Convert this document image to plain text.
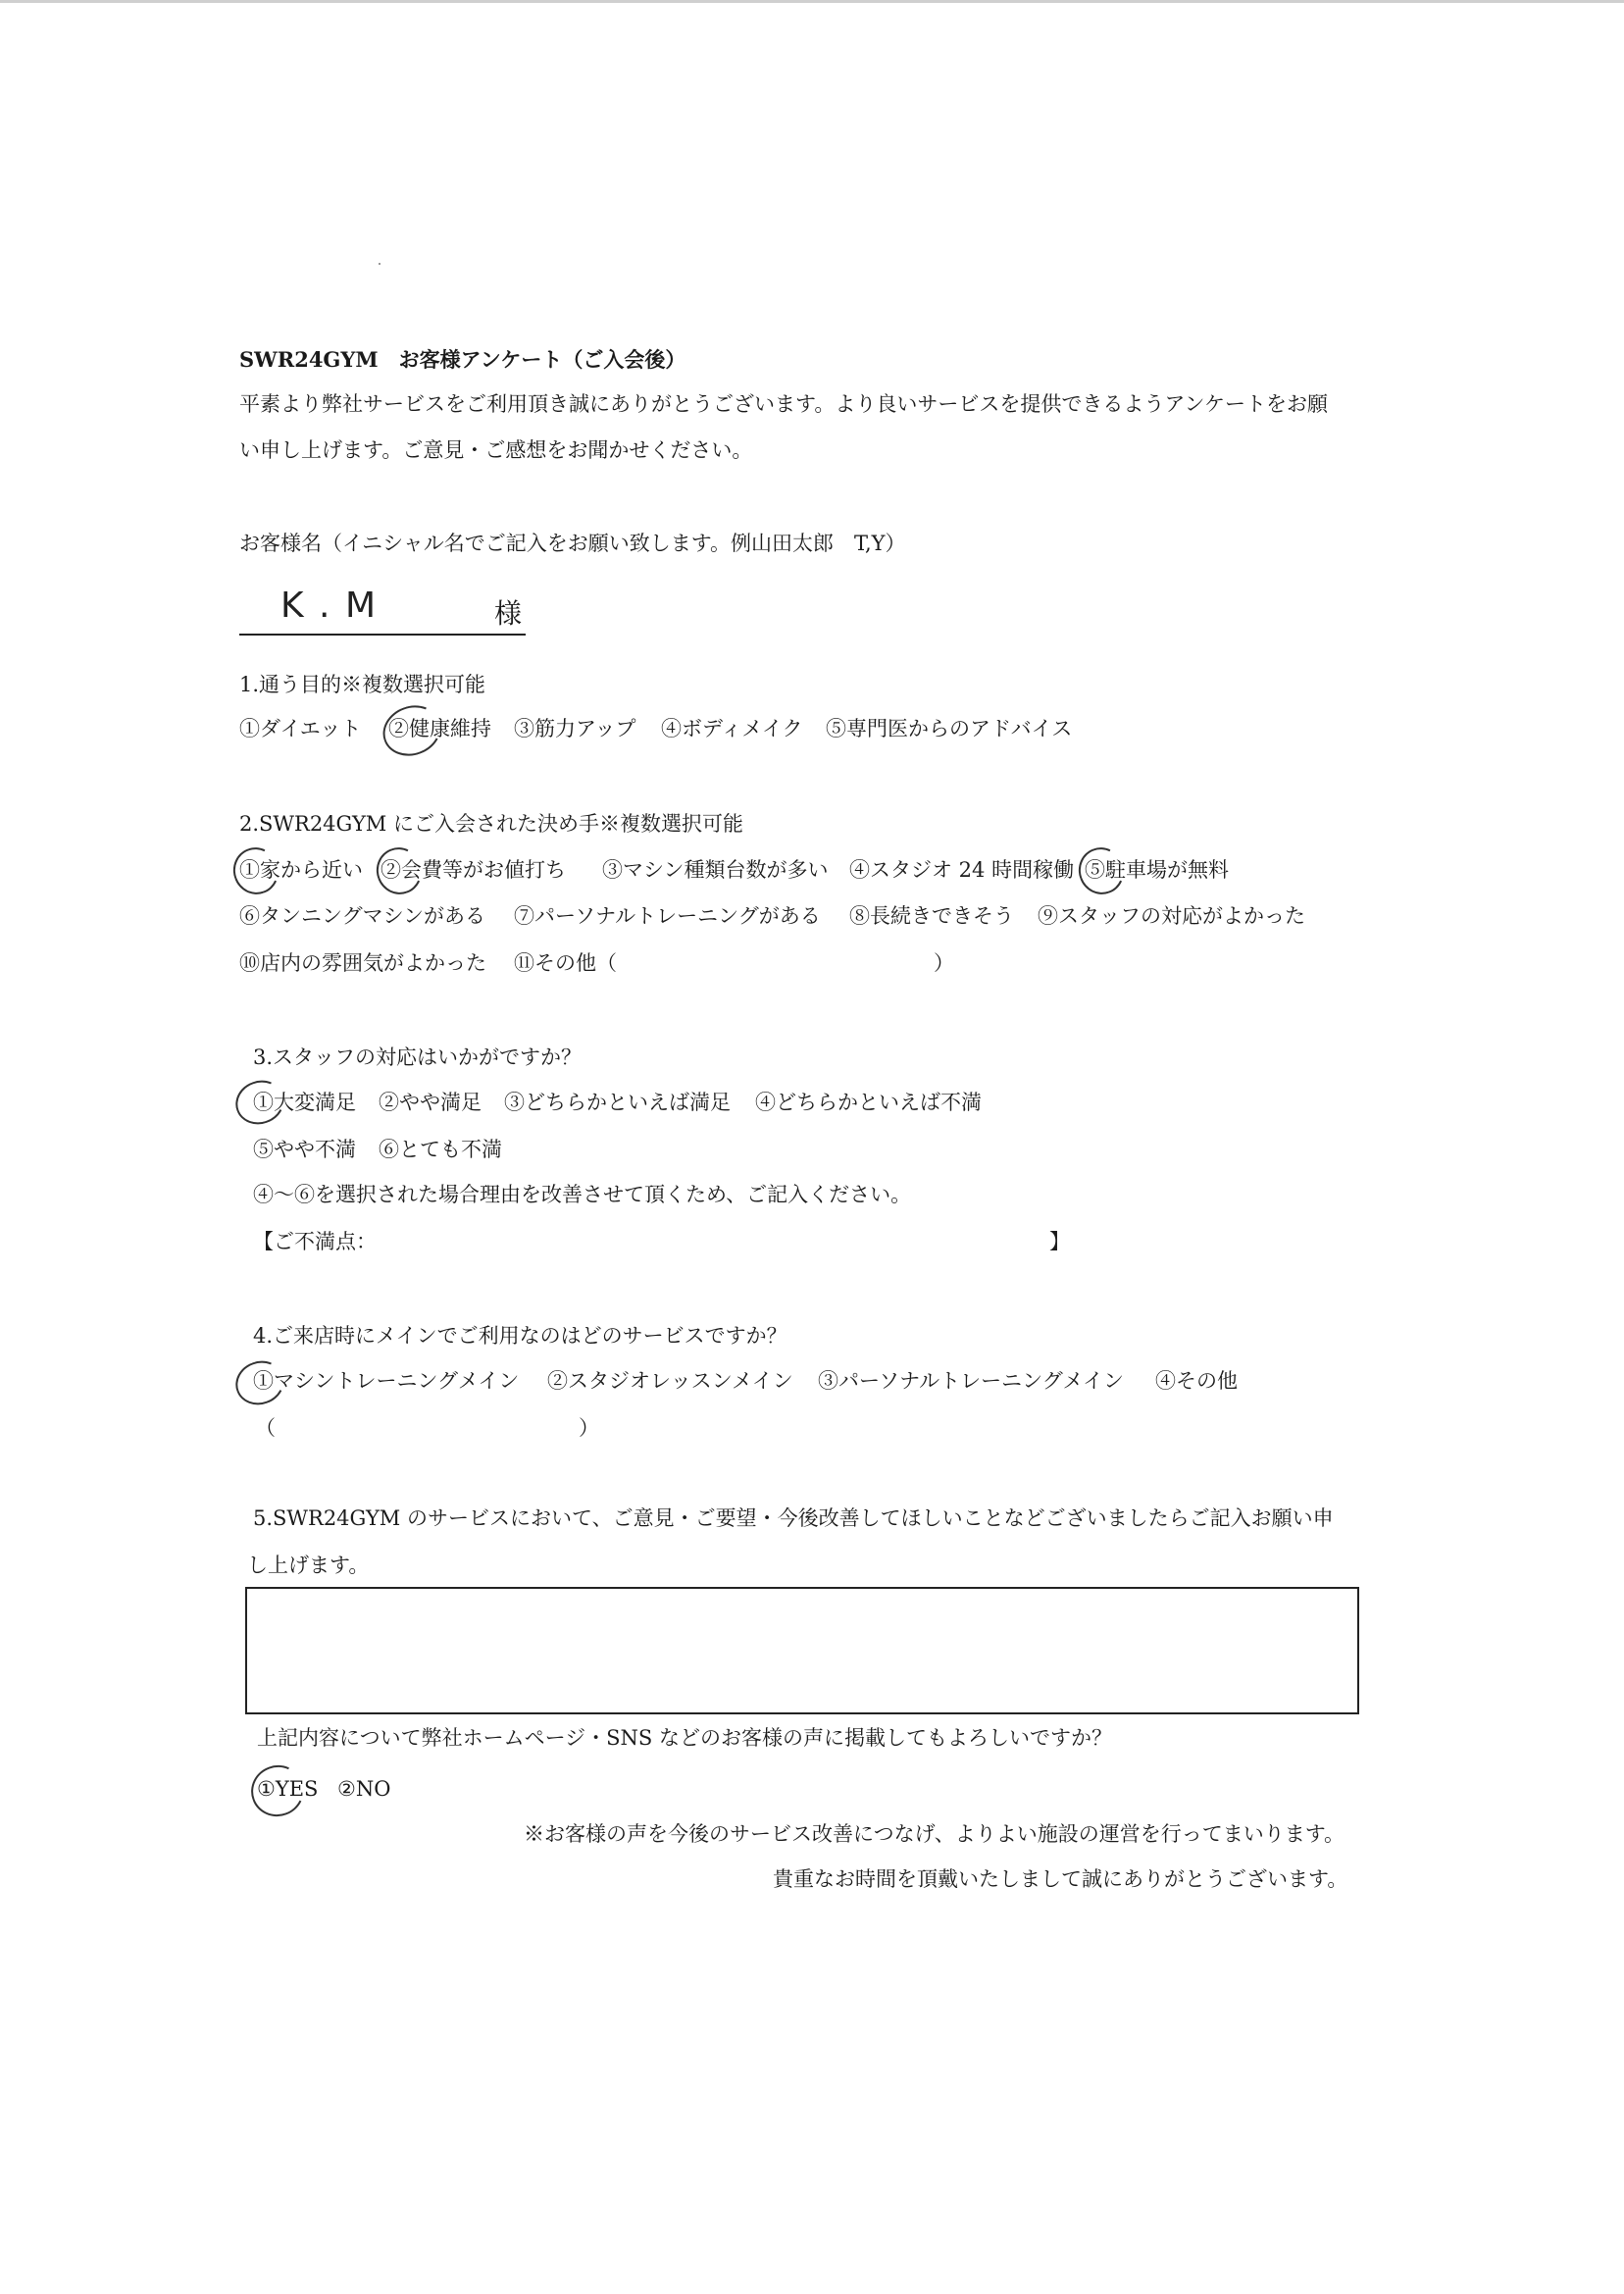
SWR24GYM　お客様アンケート（ご入会後）
平素より弊社サービスをご利用頂き誠にありがとうございます。より良いサービスを提供できるようアンケートをお願
い申し上げます。ご意見・ご感想をお聞かせください。
お客様名（イニシャル名でご記入をお願い致します。例山田太郎　T,Y）
K . M	様
1.通う目的※複数選択可能
①ダイエット ②健康維持 ③筋力アップ ④ボディメイク ⑤専門医からのアドバイス
2.SWR24GYM にご入会された決め手※複数選択可能
①家から近い ②会費等がお値打ち ③マシン種類台数が多い ④スタジオ 24 時間稼働 ⑤駐車場が無料
⑥タンニングマシンがある ⑦パーソナルトレーニングがある ⑧長続きできそう ⑨スタッフの対応がよかった
⑩店内の雰囲気がよかった ⑪その他（	）
3.スタッフの対応はいかがですか？
①大変満足 ②やや満足 ③どちらかといえば満足 ④どちらかといえば不満
⑤やや不満 ⑥とても不満
④～⑥を選択された場合理由を改善させて頂くため、ご記入ください。
【ご不満点：	】
4.ご来店時にメインでご利用なのはどのサービスですか？
①マシントレーニングメイン ②スタジオレッスンメイン ③パーソナルトレーニングメイン ④その他
（	）
5.SWR24GYM のサービスにおいて、ご意見・ご要望・今後改善してほしいことなどございましたらご記入お願い申
し上げます。
上記内容について弊社ホームページ・SNS などのお客様の声に掲載してもよろしいですか？
①YES ②NO
※お客様の声を今後のサービス改善につなげ、よりよい施設の運営を行ってまいります。
貴重なお時間を頂戴いたしまして誠にありがとうございます。
